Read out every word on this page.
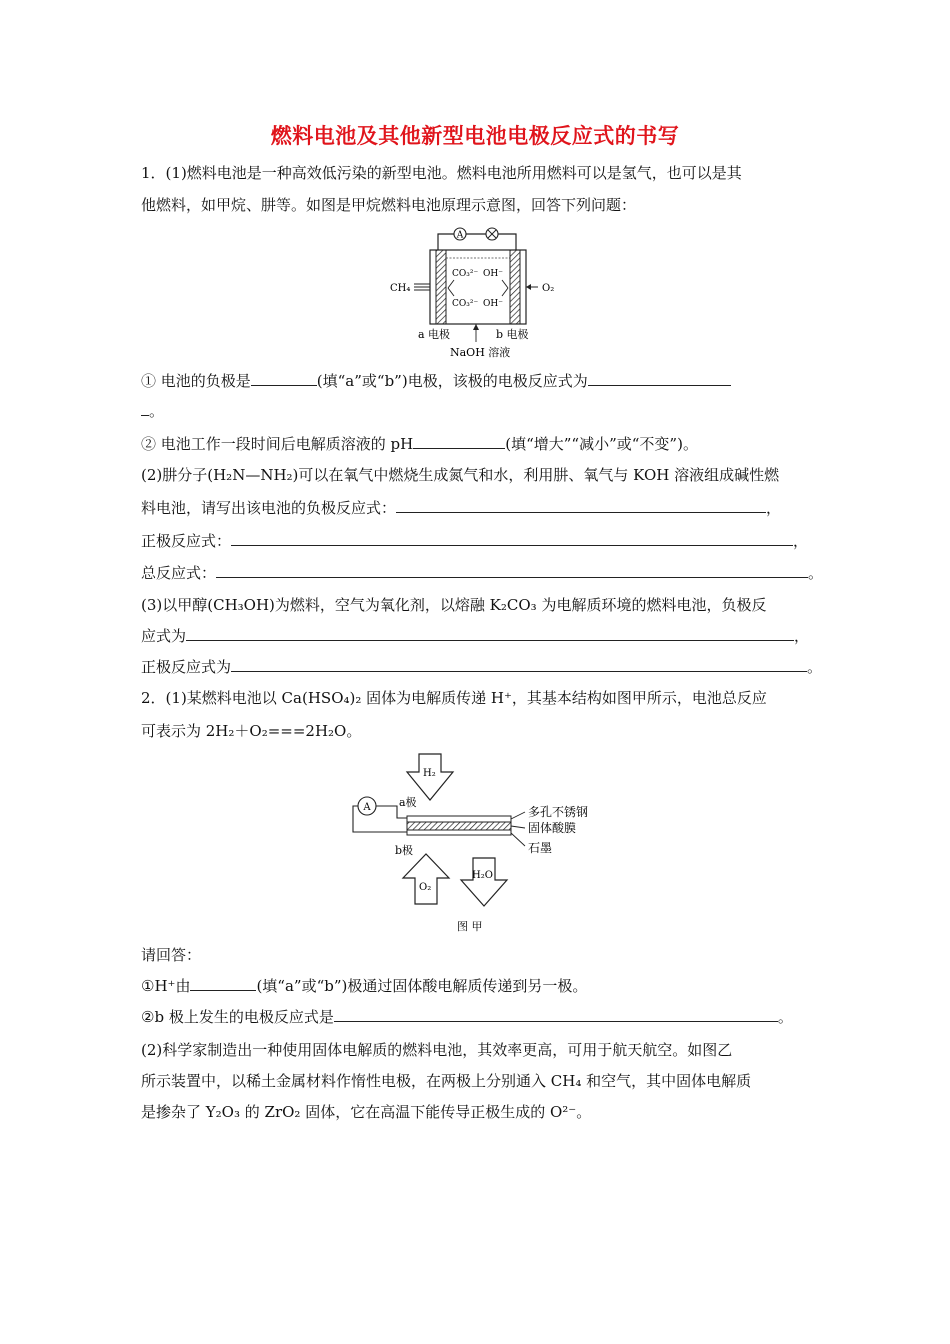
燃料电池及其他新型电池电极反应式的书写
1．(1)燃料电池是一种高效低污染的新型电池。燃料电池所用燃料可以是氢气，也可以是其
他燃料，如甲烷、肼等。如图是甲烷燃料电池原理示意图，回答下列问题：
A
CH₄	O₂
CO₃²⁻ OH⁻
CO₃²⁻ OH⁻
a 电极	b 电极
NaOH 溶液
① 电池的负极是	(填“a”或“b”)电极，该极的电极反应式为
。
② 电池工作一段时间后电解质溶液的 pH	(填“增大”“减小”或“不变”)。
(2)肼分子(H₂N—NH₂)可以在氧气中燃烧生成氮气和水，利用肼、氧气与 KOH 溶液组成碱性燃
料电池，请写出该电池的负极反应式：	，
正极反应式：	，
总反应式：	。
(3)以甲醇(CH₃OH)为燃料，空气为氧化剂，以熔融 K₂CO₃ 为电解质环境的燃料电池，负极反
应式为	，
正极反应式为	。
2．(1)某燃料电池以 Ca(HSO₄)₂ 固体为电解质传递 H⁺，其基本结构如图甲所示，电池总反应
可表示为 2H₂＋O₂===2H₂O。
H₂
A	a极
多孔不锈钢
固体酸膜
石墨
b极
O₂
H₂O
图 甲
请回答：
①H⁺由	(填“a”或“b”)极通过固体酸电解质传递到另一极。
②b 极上发生的电极反应式是	。
(2)科学家制造出一种使用固体电解质的燃料电池，其效率更高，可用于航天航空。如图乙
所示装置中，以稀土金属材料作惰性电极，在两极上分别通入 CH₄ 和空气，其中固体电解质
是掺杂了 Y₂O₃ 的 ZrO₂ 固体，它在高温下能传导正极生成的 O²⁻。
